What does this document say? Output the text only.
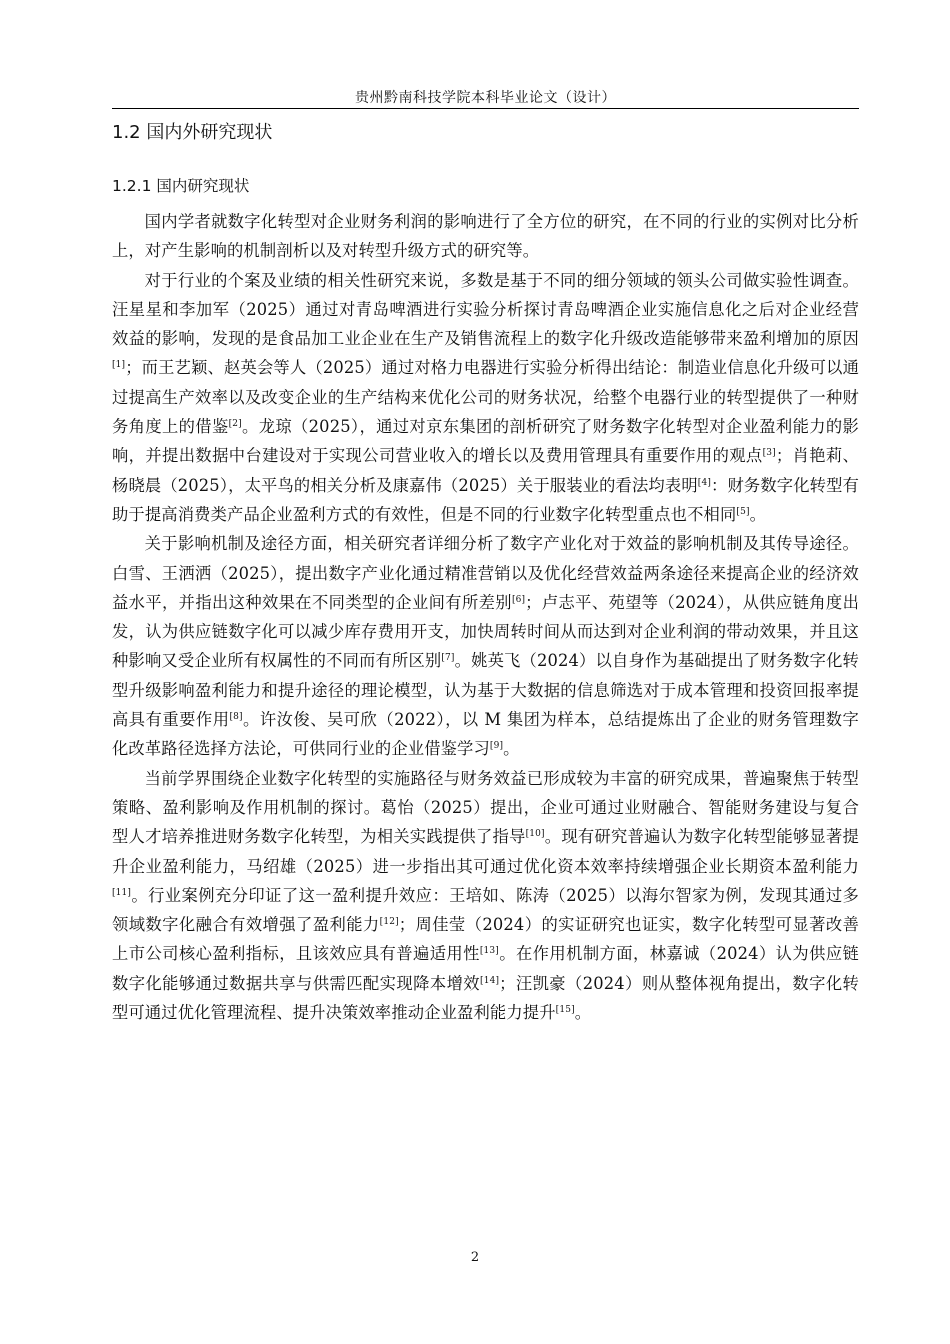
贵州黔南科技学院本科毕业论文（设计）
1.2 国内外研究现状
1.2.1 国内研究现状

国内学者就数字化转型对企业财务利润的影响进行了全方位的研究，在不同的行业的实例对比分析上，对产生影响的机制剖析以及对转型升级方式的研究等。

对于行业的个案及业绩的相关性研究来说，多数是基于不同的细分领域的领头公司做实验性调查。汪星星和李加军（2025）通过对青岛啤酒进行实验分析探讨青岛啤酒企业实施信息化之后对企业经营效益的影响，发现的是食品加工业企业在生产及销售流程上的数字化升级改造能够带来盈利增加的原因[1]；而王艺颖、赵英会等人（2025）通过对格力电器进行实验分析得出结论：制造业信息化升级可以通过提高生产效率以及改变企业的生产结构来优化公司的财务状况，给整个电器行业的转型提供了一种财务角度上的借鉴[2]。龙琼（2025），通过对京东集团的剖析研究了财务数字化转型对企业盈利能力的影响，并提出数据中台建设对于实现公司营业收入的增长以及费用管理具有重要作用的观点[3]；肖艳莉、杨晓晨（2025），太平鸟的相关分析及康嘉伟（2025）关于服装业的看法均表明[4]：财务数字化转型有助于提高消费类产品企业盈利方式的有效性，但是不同的行业数字化转型重点也不相同[5]。

关于影响机制及途径方面，相关研究者详细分析了数字产业化对于效益的影响机制及其传导途径。白雪、王洒洒（2025），提出数字产业化通过精准营销以及优化经营效益两条途径来提高企业的经济效益水平，并指出这种效果在不同类型的企业间有所差别[6]；卢志平、苑望等（2024），从供应链角度出发，认为供应链数字化可以减少库存费用开支，加快周转时间从而达到对企业利润的带动效果，并且这种影响又受企业所有权属性的不同而有所区别[7]。姚英飞（2024）以自身作为基础提出了财务数字化转型升级影响盈利能力和提升途径的理论模型，认为基于大数据的信息筛选对于成本管理和投资回报率提高具有重要作用[8]。许汝俊、吴可欣（2022），以 M 集团为样本，总结提炼出了企业的财务管理数字化改革路径选择方法论，可供同行业的企业借鉴学习[9]。

当前学界围绕企业数字化转型的实施路径与财务效益已形成较为丰富的研究成果，普遍聚焦于转型策略、盈利影响及作用机制的探讨。葛怡（2025）提出，企业可通过业财融合、智能财务建设与复合型人才培养推进财务数字化转型，为相关实践提供了指导[10]。现有研究普遍认为数字化转型能够显著提升企业盈利能力，马绍雄（2025）进一步指出其可通过优化资本效率持续增强企业长期资本盈利能力[11]。行业案例充分印证了这一盈利提升效应：王培如、陈涛（2025）以海尔智家为例，发现其通过多领域数字化融合有效增强了盈利能力[12]；周佳莹（2024）的实证研究也证实，数字化转型可显著改善上市公司核心盈利指标，且该效应具有普遍适用性[13]。在作用机制方面，林嘉诚（2024）认为供应链数字化能够通过数据共享与供需匹配实现降本增效[14]；汪凯豪（2024）则从整体视角提出，数字化转型可通过优化管理流程、提升决策效率推动企业盈利能力提升[15]。

2
